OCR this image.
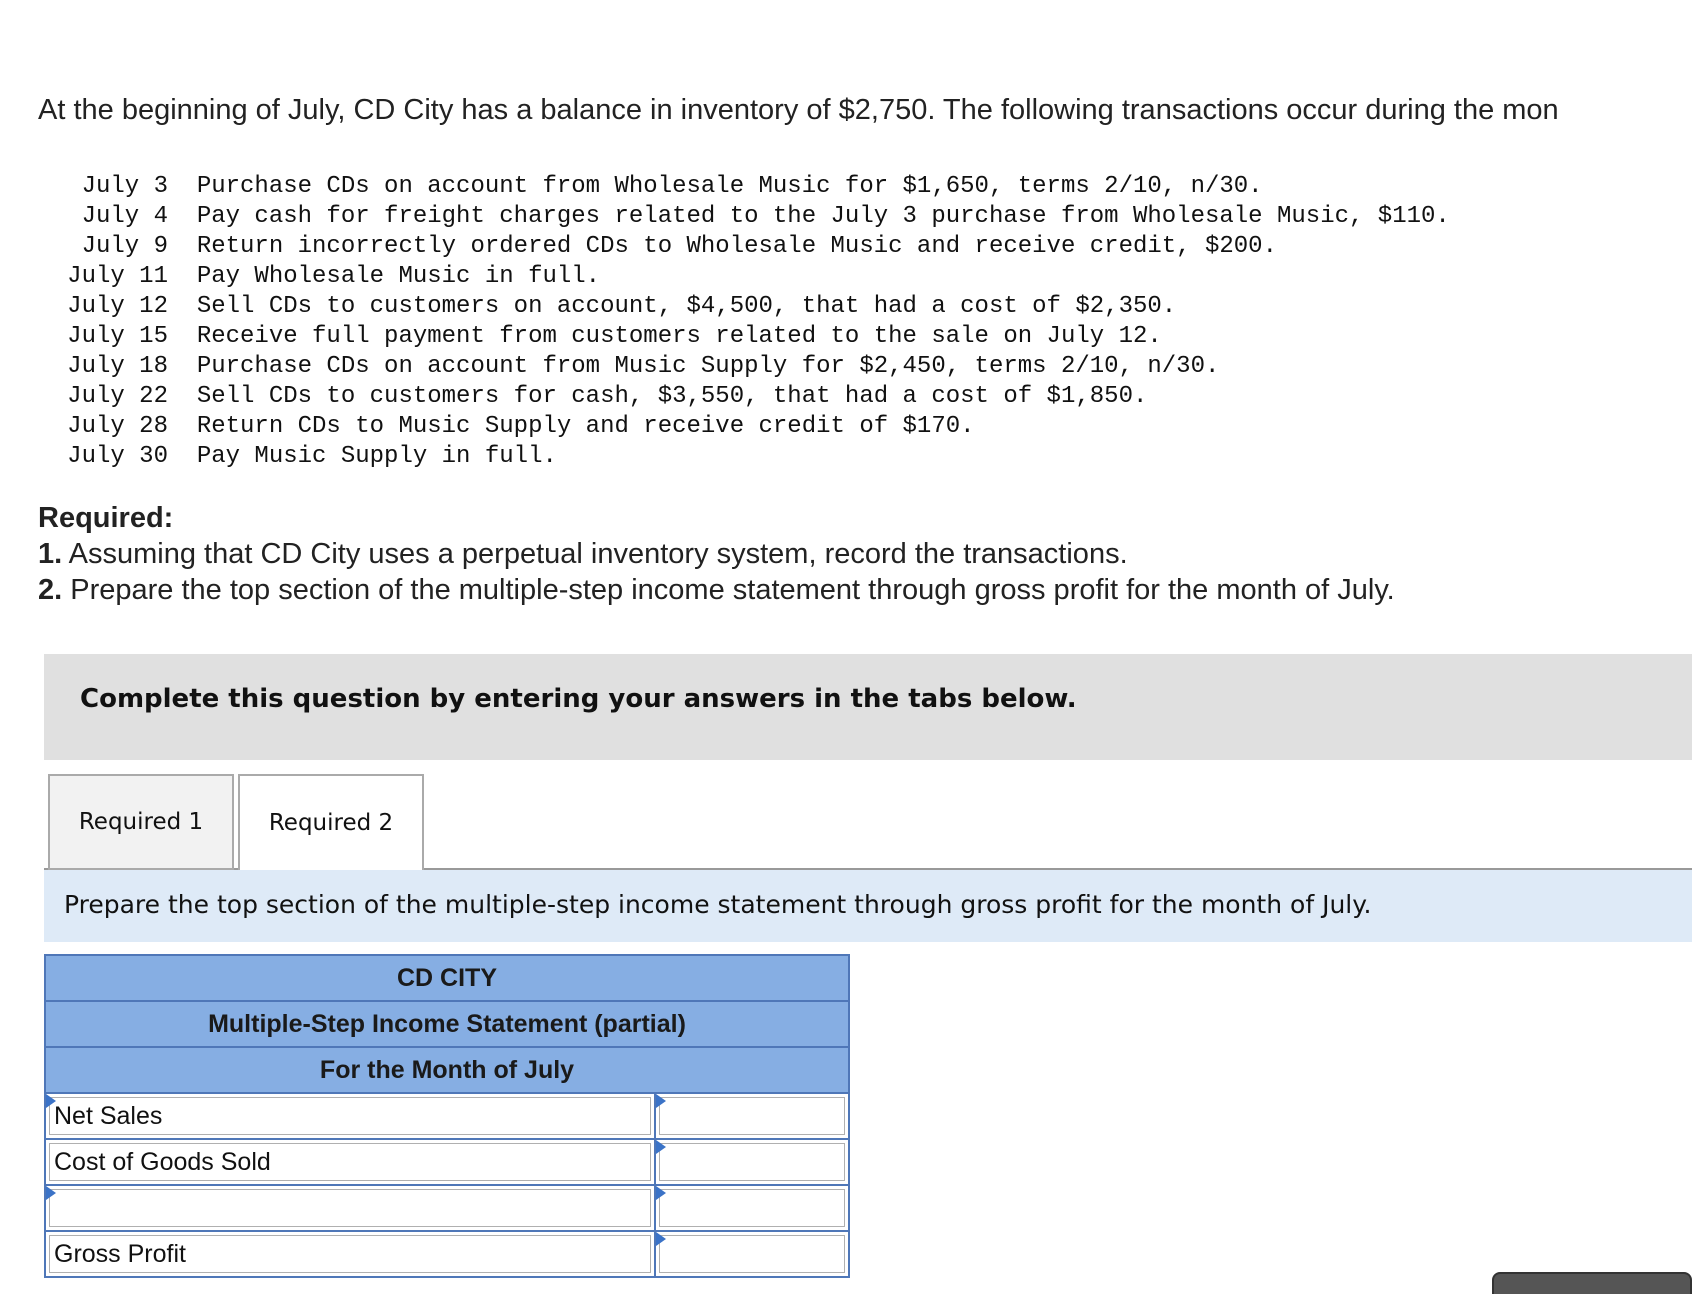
At the beginning of July, CD City has a balance in inventory of $2,750. The following transactions occur during the mon
July 3
Purchase CDs on account from Wholesale Music for $1,650, terms 2/10, n/30.
July 4
Pay cash for freight charges related to the July 3 purchase from Wholesale Music, $110.
July 9
Return incorrectly ordered CDs to Wholesale Music and receive credit, $200.
July 11
Pay Wholesale Music in full.
July 12
Sell CDs to customers on account, $4,500, that had a cost of $2,350.
July 15
Receive full payment from customers related to the sale on July 12.
July 18
Purchase CDs on account from Music Supply for $2,450, terms 2/10, n/30.
July 22
Sell CDs to customers for cash, $3,550, that had a cost of $1,850.
July 28
Return CDs to Music Supply and receive credit of $170.
July 30
Pay Music Supply in full.
Required:
1. Assuming that CD City uses a perpetual inventory system, record the transactions.
2. Prepare the top section of the multiple-step income statement through gross profit for the month of July.
Complete this question by entering your answers in the tabs below.
Required 1	Required 2
Prepare the top section of the multiple-step income statement through gross profit for the month of July.
CD CITY	
Multiple-Step Income Statement (partial)	
For the Month of July	

Net Sales	

Cost of Goods Sold	

Gross Profit	
